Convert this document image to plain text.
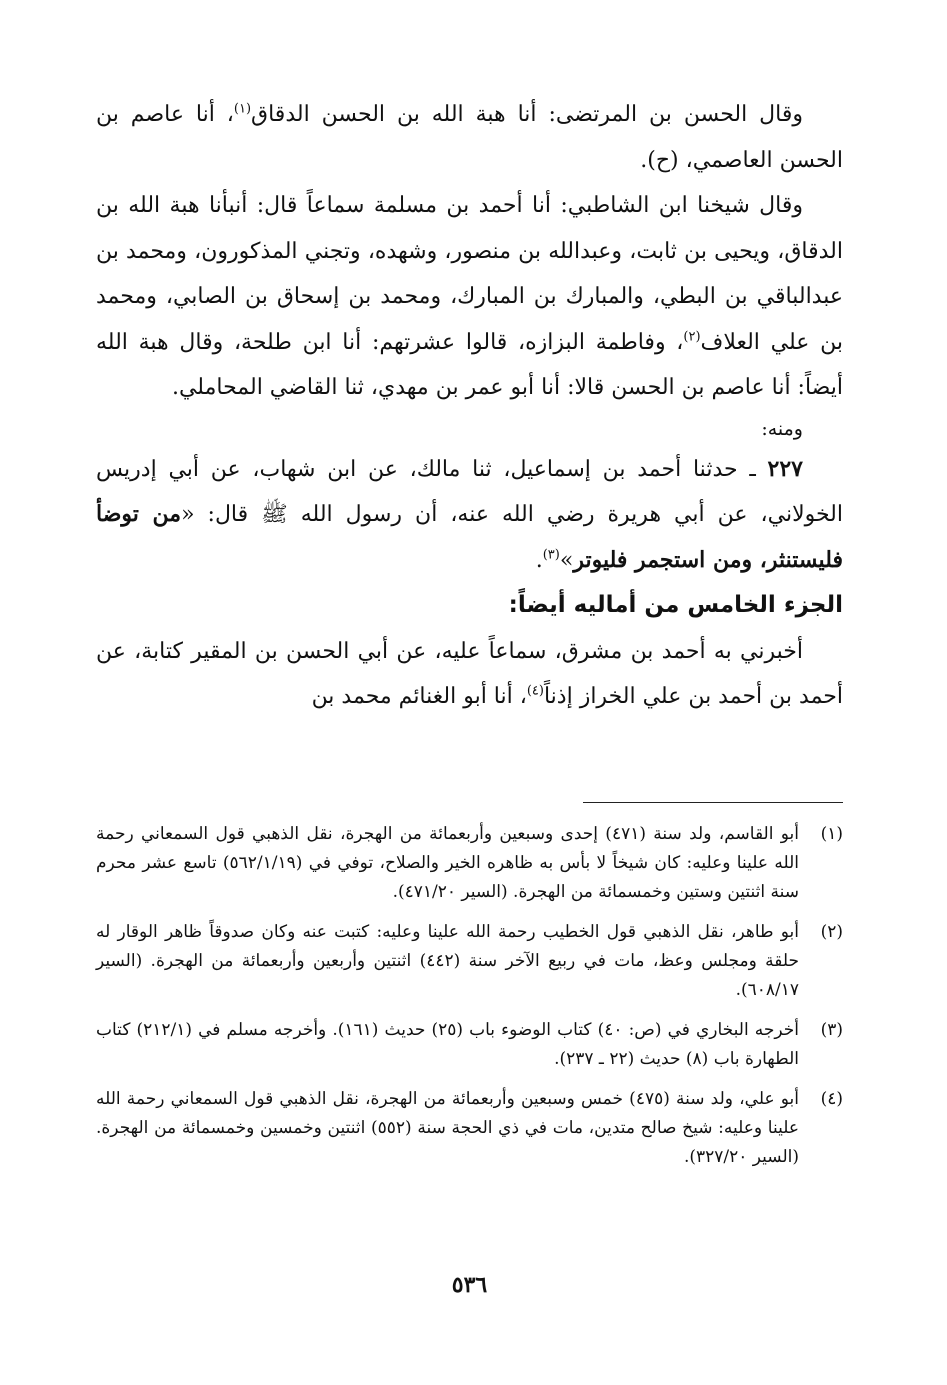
وقال الحسن بن المرتضى: أنا هبة الله بن الحسن الدقاق$^{(١)}$، أنا عاصم بن الحسن العاصمي، (ح).

وقال شيخنا ابن الشاطبي: أنا أحمد بن مسلمة سماعاً قال: أنبأنا هبة الله بن الدقاق، ويحيى بن ثابت، وعبدالله بن منصور، وشهده، وتجني المذكورون، ومحمد بن عبدالباقي بن البطي، والمبارك بن المبارك، ومحمد بن إسحاق بن الصابي، ومحمد بن علي العلاف$^{(٢)}$، وفاطمة البزازه، قالوا عشرتهم: أنا ابن طلحة، وقال هبة الله أيضاً: أنا عاصم بن الحسن قالا: أنا أبو عمر بن مهدي، ثنا القاضي المحاملي.

ومنه:

٢٢٧ ـ حدثنا أحمد بن إسماعيل، ثنا مالك، عن ابن شهاب، عن أبي إدريس الخولاني، عن أبي هريرة رضي الله عنه، أن رسول الله ﷺ قال: «من توضأ فليستنثر، ومن استجمر فليوتر»$^{(٣)}$.

الجزء الخامس من أماليه أيضاً:

أخبرني به أحمد بن مشرق، سماعاً عليه، عن أبي الحسن بن المقير كتابة، عن أحمد بن أحمد بن علي الخراز إذناً$^{(٤)}$، أنا أبو الغنائم محمد بن

(١)
أبو القاسم، ولد سنة (٤٧١) إحدى وسبعين وأربعمائة من الهجرة، نقل الذهبي قول السمعاني رحمة الله علينا وعليه: كان شيخاً لا بأس به ظاهره الخير والصلاح، توفي في (٥٦٢/١/١٩) تاسع عشر محرم سنة اثنتين وستين وخمسمائة من الهجرة. (السير ٤٧١/٢٠).
(٢)
أبو طاهر، نقل الذهبي قول الخطيب رحمة الله علينا وعليه: كتبت عنه وكان صدوقاً ظاهر الوقار له حلقة ومجلس وعظ، مات في ربيع الآخر سنة (٤٤٢) اثنتين وأربعين وأربعمائة من الهجرة. (السير ٦٠٨/١٧).
(٣)
أخرجه البخاري في (ص: ٤٠) كتاب الوضوء باب (٢٥) حديث (١٦١). وأخرجه مسلم في (٢١٢/١) كتاب الطهارة باب (٨) حديث (٢٢ ـ ٢٣٧).
(٤)
أبو علي، ولد سنة (٤٧٥) خمس وسبعين وأربعمائة من الهجرة، نقل الذهبي قول السمعاني رحمة الله علينا وعليه: شيخ صالح متدين، مات في ذي الحجة سنة (٥٥٢) اثنتين وخمسين وخمسمائة من الهجرة. (السير ٣٢٧/٢٠).
٥٣٦
